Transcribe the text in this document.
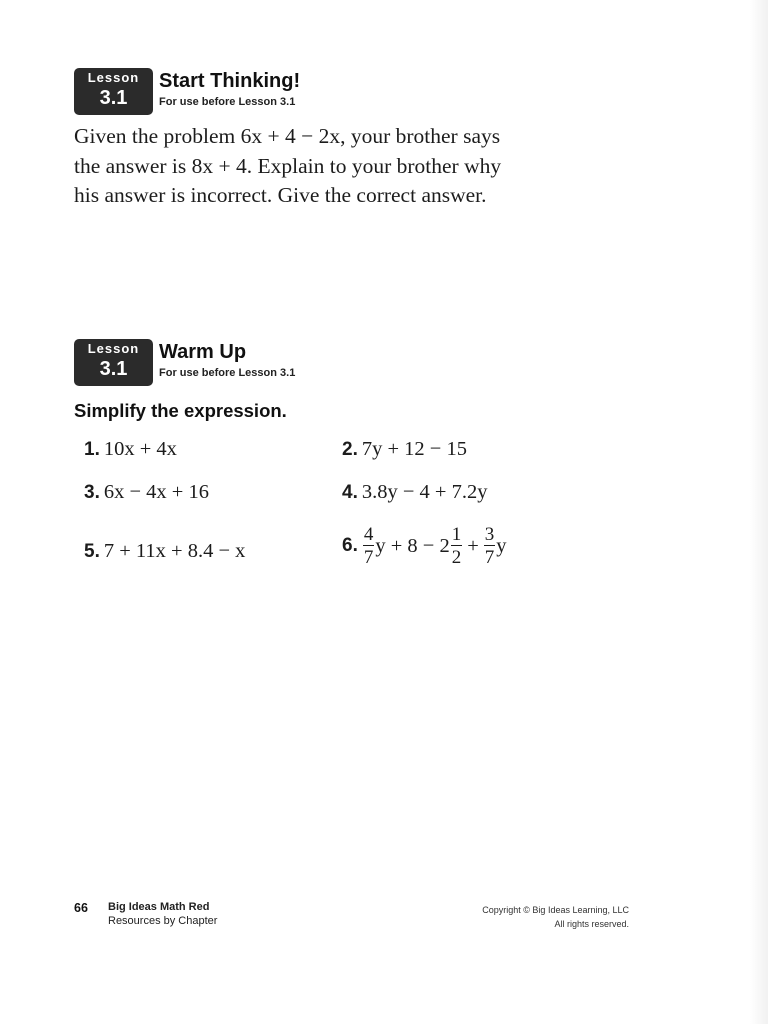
Lesson
3.1
Start Thinking!
For use before Lesson 3.1
Given the problem 6x + 4 − 2x, your brother says the answer is 8x + 4. Explain to your brother why his answer is incorrect. Give the correct answer.
Lesson
3.1
Warm Up
For use before Lesson 3.1
Simplify the expression.
1. 10x + 4x	2. 7y + 12 − 15
3. 6x − 4x + 16	4. 3.8y − 4 + 7.2y
5. 7 + 11x + 8.4 − x	6. $\frac{4}{7}$ $y + 8 - 2 \frac{1}{2} + \frac{3}{7}$ y
66 Big Ideas Math Red
Resources by Chapter
Copyright © Big Ideas Learning, LLC
All rights reserved.
